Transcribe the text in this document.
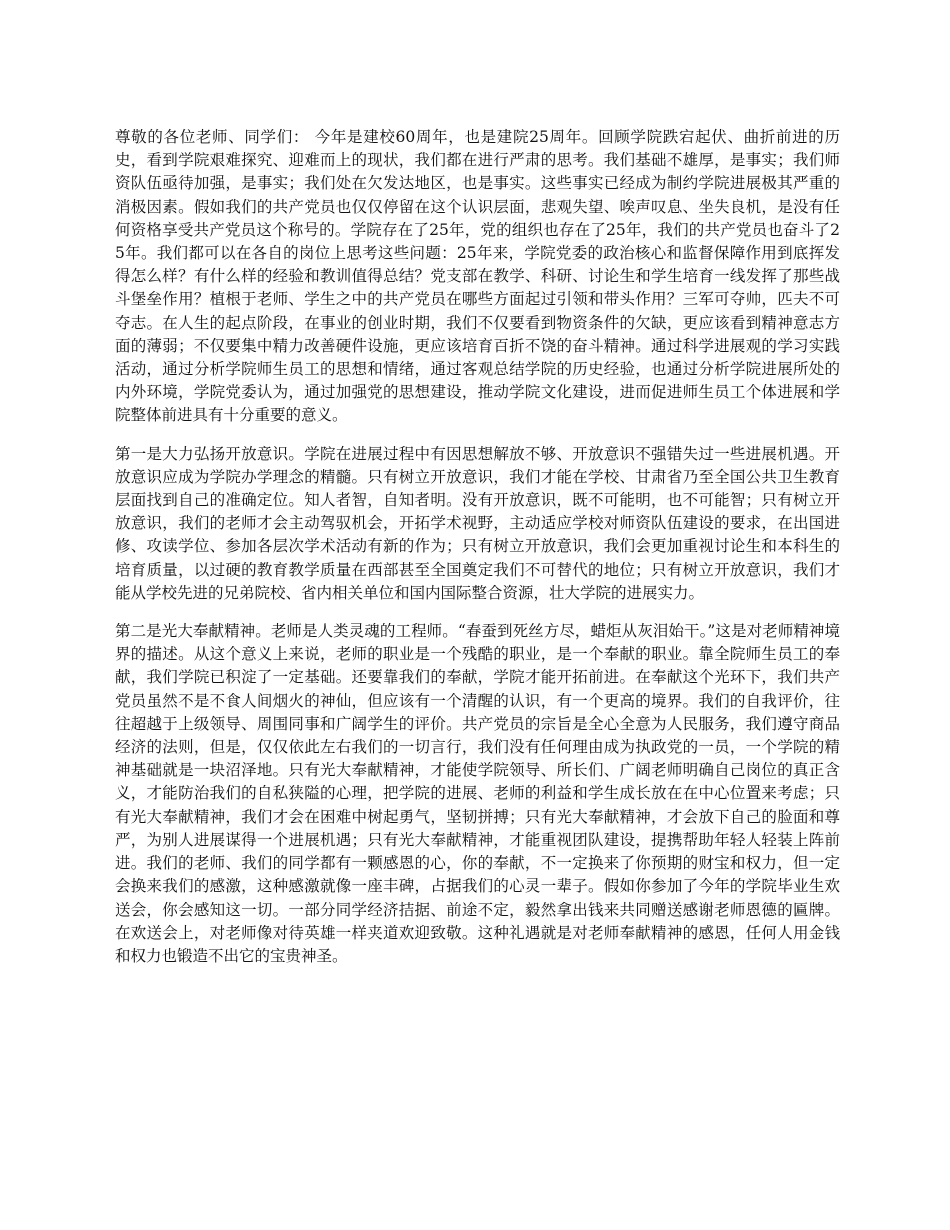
尊敬的各位老师、同学们： 今年是建校60周年，也是建院25周年。回顾学院跌宕起伏、曲折前进的历史，看到学院艰难探究、迎难而上的现状，我们都在进行严肃的思考。我们基础不雄厚，是事实；我们师资队伍亟待加强，是事实；我们处在欠发达地区，也是事实。这些事实已经成为制约学院进展极其严重的消极因素。假如我们的共产党员也仅仅停留在这个认识层面，悲观失望、唉声叹息、坐失良机，是没有任何资格享受共产党员这个称号的。学院存在了25年，党的组织也存在了25年，我们的共产党员也奋斗了25年。我们都可以在各自的岗位上思考这些问题：25年来，学院党委的政治核心和监督保障作用到底挥发得怎么样？有什么样的经验和教训值得总结？党支部在教学、科研、讨论生和学生培育一线发挥了那些战斗堡垒作用？植根于老师、学生之中的共产党员在哪些方面起过引领和带头作用？三军可夺帅，匹夫不可夺志。在人生的起点阶段，在事业的创业时期，我们不仅要看到物资条件的欠缺，更应该看到精神意志方面的薄弱；不仅要集中精力改善硬件设施，更应该培育百折不饶的奋斗精神。通过科学进展观的学习实践活动，通过分析学院师生员工的思想和情绪，通过客观总结学院的历史经验，也通过分析学院进展所处的内外环境，学院党委认为，通过加强党的思想建设，推动学院文化建设，进而促进师生员工个体进展和学院整体前进具有十分重要的意义。

第一是大力弘扬开放意识。学院在进展过程中有因思想解放不够、开放意识不强错失过一些进展机遇。开放意识应成为学院办学理念的精髓。只有树立开放意识，我们才能在学校、甘肃省乃至全国公共卫生教育层面找到自己的准确定位。知人者智，自知者明。没有开放意识，既不可能明，也不可能智；只有树立开放意识，我们的老师才会主动驾驭机会，开拓学术视野，主动适应学校对师资队伍建设的要求，在出国进修、攻读学位、参加各层次学术活动有新的作为；只有树立开放意识，我们会更加重视讨论生和本科生的培育质量，以过硬的教育教学质量在西部甚至全国奠定我们不可替代的地位；只有树立开放意识，我们才能从学校先进的兄弟院校、省内相关单位和国内国际整合资源，壮大学院的进展实力。

第二是光大奉献精神。老师是人类灵魂的工程师。“春蚕到死丝方尽，蜡炬从灰泪始干。”这是对老师精神境界的描述。从这个意义上来说，老师的职业是一个残酷的职业，是一个奉献的职业。靠全院师生员工的奉献，我们学院已积淀了一定基础。还要靠我们的奉献，学院才能开拓前进。在奉献这个光环下，我们共产党员虽然不是不食人间烟火的神仙，但应该有一个清醒的认识，有一个更高的境界。我们的自我评价，往往超越于上级领导、周围同事和广阔学生的评价。共产党员的宗旨是全心全意为人民服务，我们遵守商品经济的法则，但是，仅仅依此左右我们的一切言行，我们没有任何理由成为执政党的一员，一个学院的精神基础就是一块沼泽地。只有光大奉献精神，才能使学院领导、所长们、广阔老师明确自己岗位的真正含义，才能防治我们的自私狭隘的心理，把学院的进展、老师的利益和学生成长放在在中心位置来考虑；只有光大奉献精神，我们才会在困难中树起勇气，坚韧拼搏；只有光大奉献精神，才会放下自己的脸面和尊严，为别人进展谋得一个进展机遇；只有光大奉献精神，才能重视团队建设，提携帮助年轻人轻装上阵前进。我们的老师、我们的同学都有一颗感恩的心，你的奉献，不一定换来了你预期的财宝和权力，但一定会换来我们的感激，这种感激就像一座丰碑，占据我们的心灵一辈子。假如你参加了今年的学院毕业生欢送会，你会感知这一切。一部分同学经济拮据、前途不定，毅然拿出钱来共同赠送感谢老师恩德的匾牌。在欢送会上，对老师像对待英雄一样夹道欢迎致敬。这种礼遇就是对老师奉献精神的感恩，任何人用金钱和权力也锻造不出它的宝贵神圣。
